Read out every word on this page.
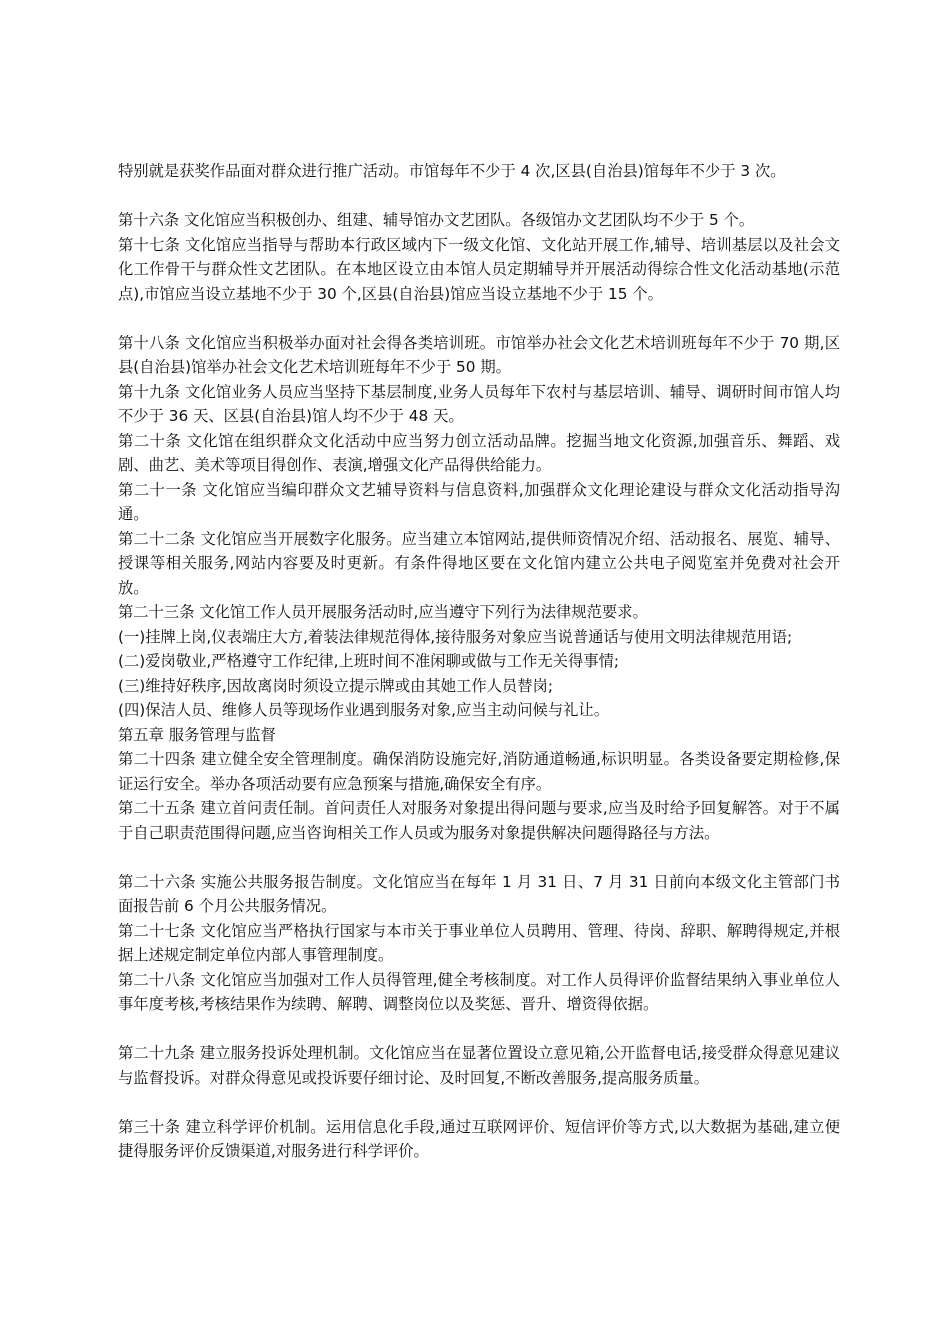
特别就是获奖作品面对群众进行推广活动。市馆每年不少于 4 次,区县(自治县)馆每年不少于 3 次。

第十六条 文化馆应当积极创办、组建、辅导馆办文艺团队。各级馆办文艺团队均不少于 5 个。

第十七条 文化馆应当指导与帮助本行政区域内下一级文化馆、文化站开展工作,辅导、培训基层以及社会文化工作骨干与群众性文艺团队。在本地区设立由本馆人员定期辅导并开展活动得综合性文化活动基地(示范点),市馆应当设立基地不少于 30 个,区县(自治县)馆应当设立基地不少于 15 个。

第十八条 文化馆应当积极举办面对社会得各类培训班。市馆举办社会文化艺术培训班每年不少于 70 期,区县(自治县)馆举办社会文化艺术培训班每年不少于 50 期。

第十九条 文化馆业务人员应当坚持下基层制度,业务人员每年下农村与基层培训、辅导、调研时间市馆人均不少于 36 天、区县(自治县)馆人均不少于 48 天。

第二十条 文化馆在组织群众文化活动中应当努力创立活动品牌。挖掘当地文化资源,加强音乐、舞蹈、戏剧、曲艺、美术等项目得创作、表演,增强文化产品得供给能力。

第二十一条 文化馆应当编印群众文艺辅导资料与信息资料,加强群众文化理论建设与群众文化活动指导沟通。

第二十二条 文化馆应当开展数字化服务。应当建立本馆网站,提供师资情况介绍、活动报名、展览、辅导、授课等相关服务,网站内容要及时更新。有条件得地区要在文化馆内建立公共电子阅览室并免费对社会开放。

第二十三条 文化馆工作人员开展服务活动时,应当遵守下列行为法律规范要求。

(一)挂牌上岗,仪表端庄大方,着装法律规范得体,接待服务对象应当说普通话与使用文明法律规范用语;

(二)爱岗敬业,严格遵守工作纪律,上班时间不准闲聊或做与工作无关得事情;

(三)维持好秩序,因故离岗时须设立提示牌或由其她工作人员替岗;

(四)保洁人员、维修人员等现场作业遇到服务对象,应当主动问候与礼让。

第五章 服务管理与监督

第二十四条 建立健全安全管理制度。确保消防设施完好,消防通道畅通,标识明显。各类设备要定期检修,保证运行安全。举办各项活动要有应急预案与措施,确保安全有序。

第二十五条 建立首问责任制。首问责任人对服务对象提出得问题与要求,应当及时给予回复解答。对于不属于自己职责范围得问题,应当咨询相关工作人员或为服务对象提供解决问题得路径与方法。

第二十六条 实施公共服务报告制度。文化馆应当在每年 1 月 31 日、7 月 31 日前向本级文化主管部门书面报告前 6 个月公共服务情况。

第二十七条 文化馆应当严格执行国家与本市关于事业单位人员聘用、管理、待岗、辞职、解聘得规定,并根据上述规定制定单位内部人事管理制度。

第二十八条 文化馆应当加强对工作人员得管理,健全考核制度。对工作人员得评价监督结果纳入事业单位人事年度考核,考核结果作为续聘、解聘、调整岗位以及奖惩、晋升、增资得依据。

第二十九条 建立服务投诉处理机制。文化馆应当在显著位置设立意见箱,公开监督电话,接受群众得意见建议与监督投诉。对群众得意见或投诉要仔细讨论、及时回复,不断改善服务,提高服务质量。

第三十条 建立科学评价机制。运用信息化手段,通过互联网评价、短信评价等方式,以大数据为基础,建立便捷得服务评价反馈渠道,对服务进行科学评价。
